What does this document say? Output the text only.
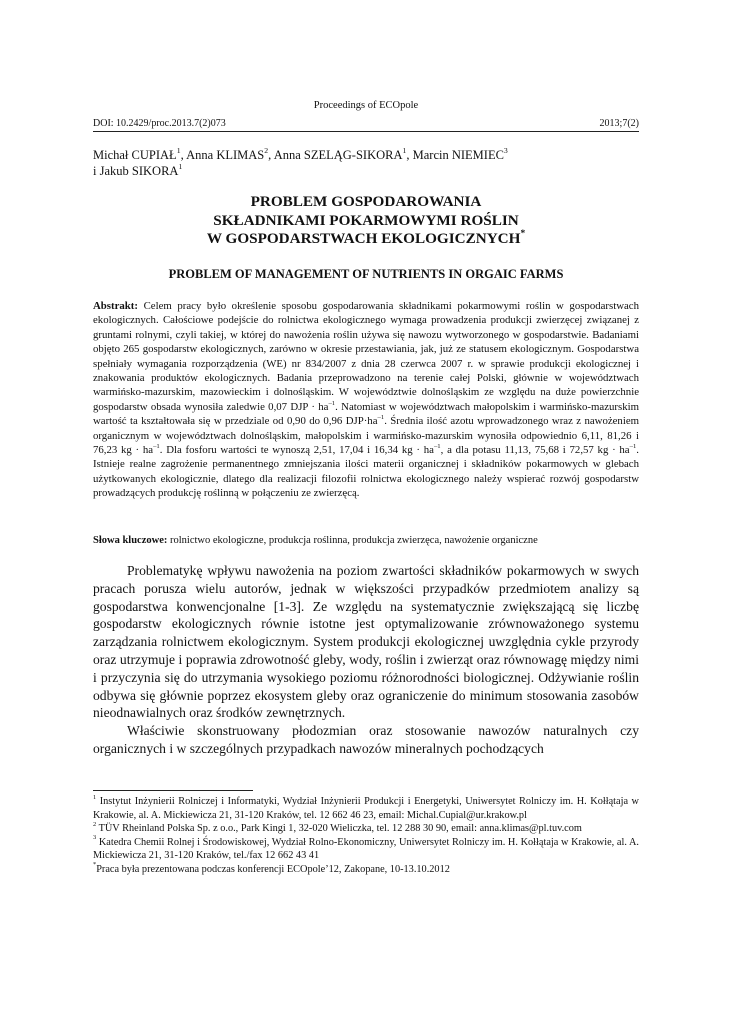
Proceedings of ECOpole
DOI: 10.2429/proc.2013.7(2)073	2013;7(2)
Michał CUPIAŁ$^1$, Anna KLIMAS$^2$, Anna SZELĄG-SIKORA$^1$, Marcin NIEMIEC$^3$
i Jakub SIKORA$^1$
PROBLEM GOSPODAROWANIA
SKŁADNIKAMI POKARMOWYMI ROŚLIN
W GOSPODARSTWACH EKOLOGICZNYCH*
PROBLEM OF MANAGEMENT OF NUTRIENTS IN ORGAIC FARMS
Abstrakt: Celem pracy było określenie sposobu gospodarowania składnikami pokarmowymi roślin w gospodarstwach ekologicznych. Całościowe podejście do rolnictwa ekologicznego wymaga prowadzenia produkcji zwierzęcej związanej z gruntami rolnymi, czyli takiej, w której do nawożenia roślin używa się nawozu wytworzonego w gospodarstwie. Badaniami objęto 265 gospodarstw ekologicznych, zarówno w okresie przestawiania, jak, już ze statusem ekologicznym. Gospodarstwa spełniały wymagania rozporządzenia (WE) nr 834/2007 z dnia 28 czerwca 2007 r. w sprawie produkcji ekologicznej i znakowania produktów ekologicznych. Badania przeprowadzono na terenie całej Polski, głównie w województwach warmińsko-mazurskim, mazowieckim i dolnośląskim. W województwie dolnośląskim ze względu na duże powierzchnie gospodarstw obsada wynosiła zaledwie 0,07 DJP · $ha^{-1}$. Natomiast w województwach małopolskim i warmińsko-mazurskim wartość ta kształtowała się w przedziale od 0,90 do 0,96 $DJP\cdot ha^{-1}$. Średnia ilość azotu wprowadzonego wraz z nawożeniem organicznym w województwach dolnośląskim, małopolskim i warmińsko-mazurskim wynosiła odpowiednio 6,11, 81,26 i 76,23 kg · $ha^{-1}$. Dla fosforu wartości te wynoszą 2,51, 17,04 i 16,34 kg · $ha^{-1}$, a dla potasu 11,13, 75,68 i 72,57 kg · $ha^{-1}$. Istnieje realne zagrożenie permanentnego zmniejszania ilości materii organicznej i składników pokarmowych w glebach użytkowanych ekologicznie, dlatego dla realizacji filozofii rolnictwa ekologicznego należy wspierać rozwój gospodarstw prowadzących produkcję roślinną w połączeniu ze zwierzęcą.
Słowa kluczowe: rolnictwo ekologiczne, produkcja roślinna, produkcja zwierzęca, nawożenie organiczne

Problematykę wpływu nawożenia na poziom zwartości składników pokarmowych w swych pracach porusza wielu autorów, jednak w większości przypadków przedmiotem analizy są gospodarstwa konwencjonalne [1-3]. Ze względu na systematycznie zwiększającą się liczbę gospodarstw ekologicznych równie istotne jest optymalizowanie zrównoważonego systemu zarządzania rolnictwem ekologicznym. System produkcji ekologicznej uwzględnia cykle przyrody oraz utrzymuje i poprawia zdrowotność gleby, wody, roślin i zwierząt oraz równowagę między nimi i przyczynia się do utrzymania wysokiego poziomu różnorodności biologicznej. Odżywianie roślin odbywa się głównie poprzez ekosystem gleby oraz ograniczenie do minimum stosowania zasobów nieodnawialnych oraz środków zewnętrznych.

Właściwie skonstruowany płodozmian oraz stosowanie nawozów naturalnych czy organicznych i w szczególnych przypadkach nawozów mineralnych pochodzących

$^1$ Instytut Inżynierii Rolniczej i Informatyki, Wydział Inżynierii Produkcji i Energetyki, Uniwersytet Rolniczy im. H. Kołłątaja w Krakowie, al. A. Mickiewicza 21, 31-120 Kraków, tel. 12 662 46 23, email: Michal.Cupial@ur.krakow.pl

$^2$ TÜV Rheinland Polska Sp. z o.o., Park Kingi 1, 32-020 Wieliczka, tel. 12 288 30 90, email: anna.klimas@pl.tuv.com

$^3$ Katedra Chemii Rolnej i Środowiskowej, Wydział Rolno-Ekonomiczny, Uniwersytet Rolniczy im. H. Kołłątaja w Krakowie, al. A. Mickiewicza 21, 31-120 Kraków, tel./fax 12 662 43 41

*Praca była prezentowana podczas konferencji ECOpole’12, Zakopane, 10-13.10.2012
